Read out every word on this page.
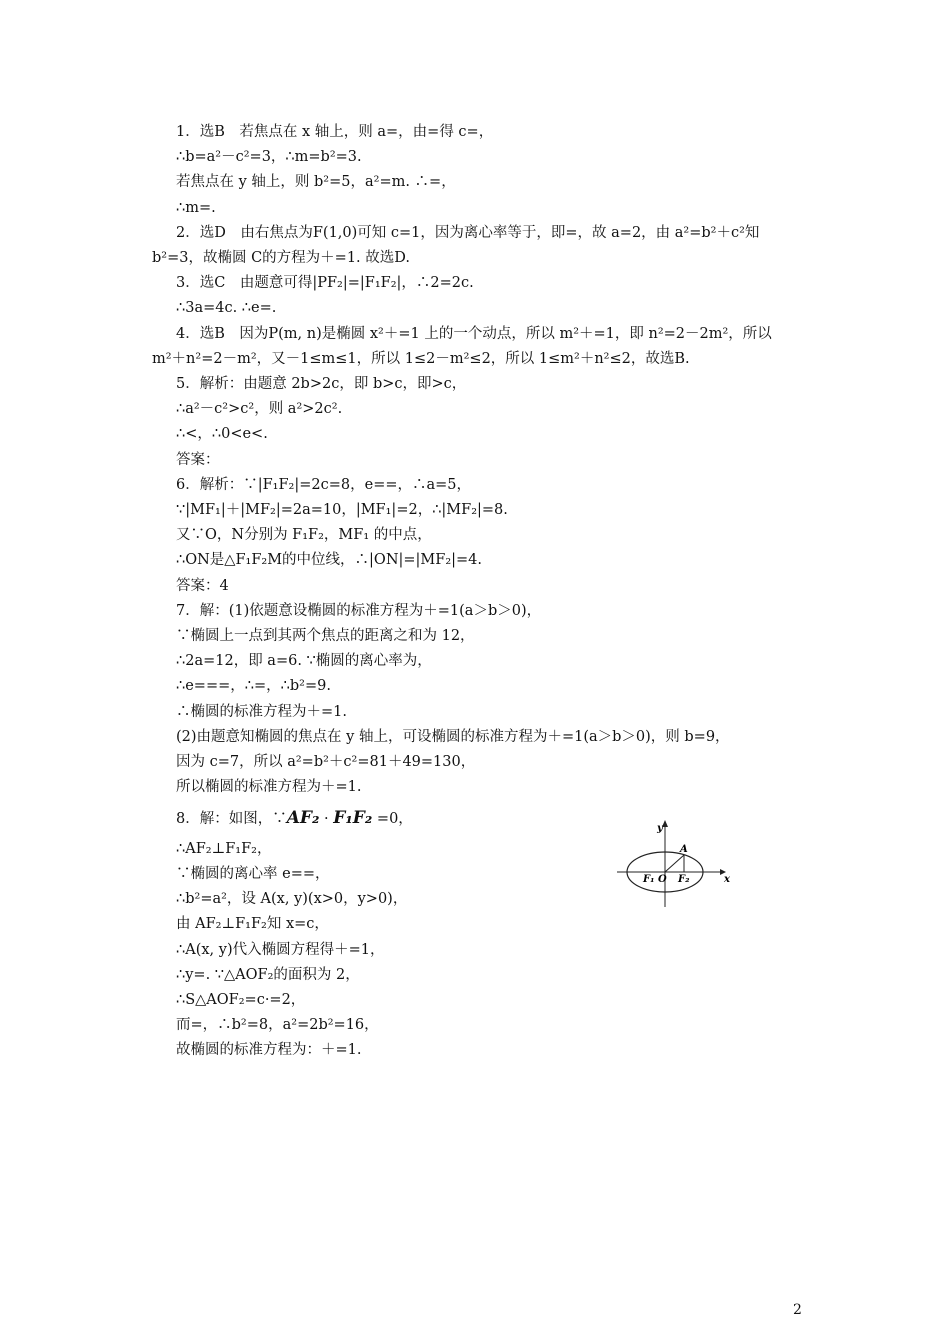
1．选B　若焦点在 x 轴上，则 a=，由=得 c=，

∴b=a²－c²=3，∴m=b²=3.

若焦点在 y 轴上，则 b²=5，a²=m. ∴=，

∴m=.

2．选D　由右焦点为F(1,0)可知 c=1，因为离心率等于，即=，故 a=2，由 a²=b²＋c²知

b²=3，故椭圆 C的方程为＋=1. 故选D.

3．选C　由题意可得|PF₂|=|F₁F₂|，∴2=2c.

∴3a=4c. ∴e=.

4．选B　因为P(m, n)是椭圆 x²＋=1 上的一个动点，所以 m²＋=1，即 n²=2－2m²，所以

m²＋n²=2－m²，又－1≤m≤1，所以 1≤2－m²≤2，所以 1≤m²＋n²≤2，故选B.

5．解析：由题意 2b>2c，即 b>c，即>c，

∴a²－c²>c²，则 a²>2c².

∴<，∴0<e<.

答案：

6．解析：∵|F₁F₂|=2c=8，e==，∴a=5，

∵|MF₁|＋|MF₂|=2a=10，|MF₁|=2，∴|MF₂|=8.

又∵O，N分别为 F₁F₂，MF₁ 的中点，

∴ON是△F₁F₂M的中位线，∴|ON|=|MF₂|=4.

答案：4

7．解：(1)依题意设椭圆的标准方程为＋=1(a＞b＞0)，

∵椭圆上一点到其两个焦点的距离之和为 12，

∴2a=12，即 a=6. ∵椭圆的离心率为，

∴e===，∴=，∴b²=9.

∴椭圆的标准方程为＋=1.

(2)由题意知椭圆的焦点在 y 轴上，可设椭圆的标准方程为＋=1(a＞b＞0)，则 b=9，

因为 c=7，所以 a²=b²＋c²=81＋49=130，

所以椭圆的标准方程为＋=1.

8．解：如图，∵AF₂ · F₁F₂ =0，

∴AF₂⊥F₁F₂，

∵椭圆的离心率 e==，

∴b²=a²，设 A(x, y)(x>0，y>0)，

由 AF₂⊥F₁F₂知 x=c，

∴A(x, y)代入椭圆方程得＋=1，

∴y=. ∵△AOF₂的面积为 2，

∴S△AOF₂=c·=2，

而=，∴b²=8，a²=2b²=16，

故椭圆的标准方程为：＋=1.

y
x
A
F₁ O F₂
2
